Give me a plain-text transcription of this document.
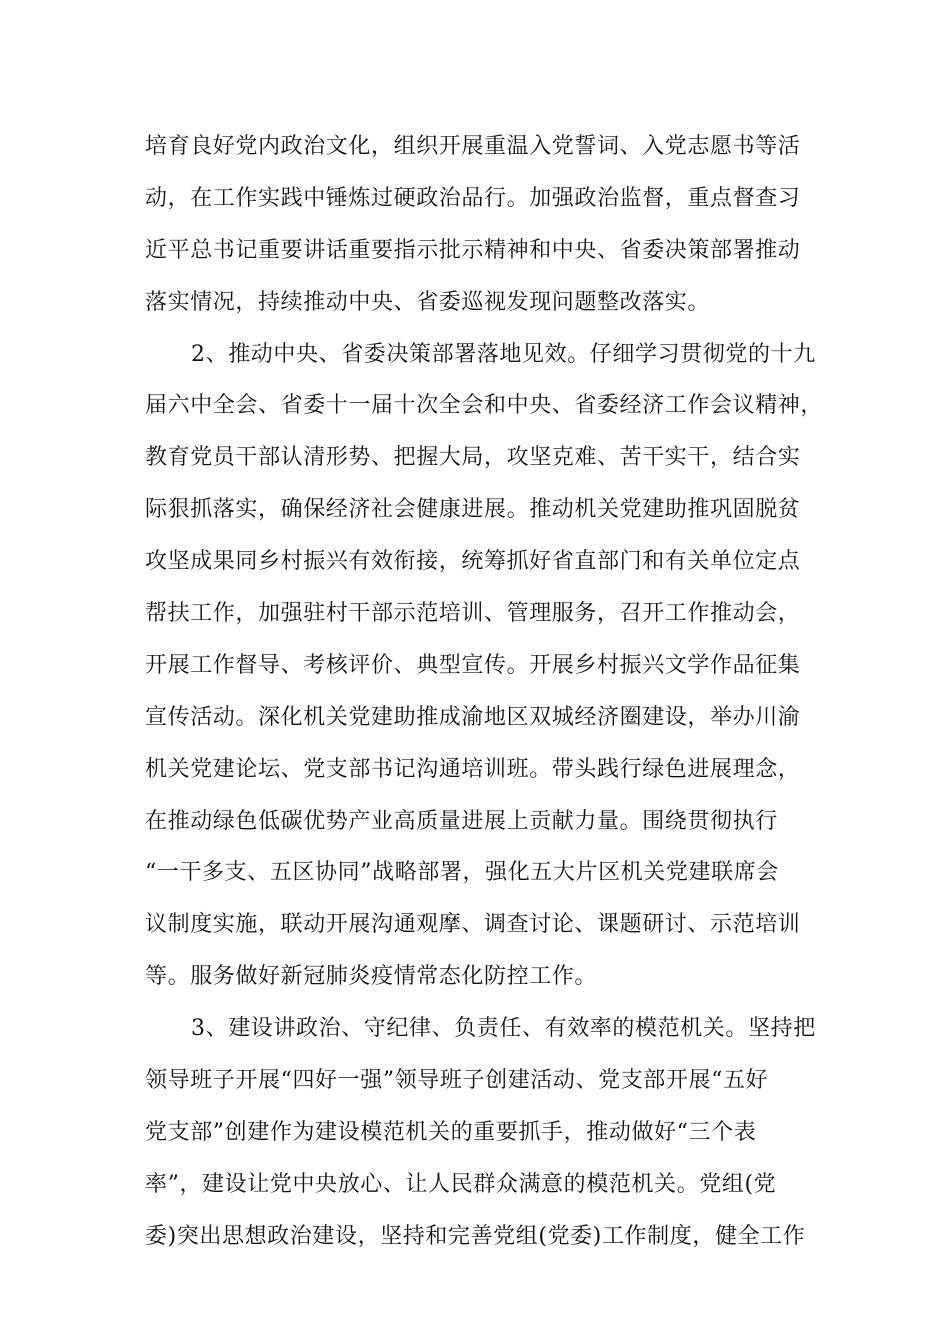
培育良好党内政治文化，组织开展重温入党誓词、入党志愿书等活
动，在工作实践中锤炼过硬政治品行。加强政治监督，重点督查习
近平总书记重要讲话重要指示批示精神和中央、省委决策部署推动
落实情况，持续推动中央、省委巡视发现问题整改落实。
2、推动中央、省委决策部署落地见效。仔细学习贯彻党的十九
届六中全会、省委十一届十次全会和中央、省委经济工作会议精神，
教育党员干部认清形势、把握大局，攻坚克难、苦干实干，结合实
际狠抓落实，确保经济社会健康进展。推动机关党建助推巩固脱贫
攻坚成果同乡村振兴有效衔接，统筹抓好省直部门和有关单位定点
帮扶工作，加强驻村干部示范培训、管理服务，召开工作推动会，
开展工作督导、考核评价、典型宣传。开展乡村振兴文学作品征集
宣传活动。深化机关党建助推成渝地区双城经济圈建设，举办川渝
机关党建论坛、党支部书记沟通培训班。带头践行绿色进展理念，
在推动绿色低碳优势产业高质量进展上贡献力量。围绕贯彻执行
“一干多支、五区协同”战略部署，强化五大片区机关党建联席会
议制度实施，联动开展沟通观摩、调查讨论、课题研讨、示范培训
等。服务做好新冠肺炎疫情常态化防控工作。
3、建设讲政治、守纪律、负责任、有效率的模范机关。坚持把
领导班子开展“四好一强”领导班子创建活动、党支部开展“五好
党支部”创建作为建设模范机关的重要抓手，推动做好“三个表
率”，建设让党中央放心、让人民群众满意的模范机关。党组(党
委)突出思想政治建设，坚持和完善党组(党委)工作制度，健全工作
